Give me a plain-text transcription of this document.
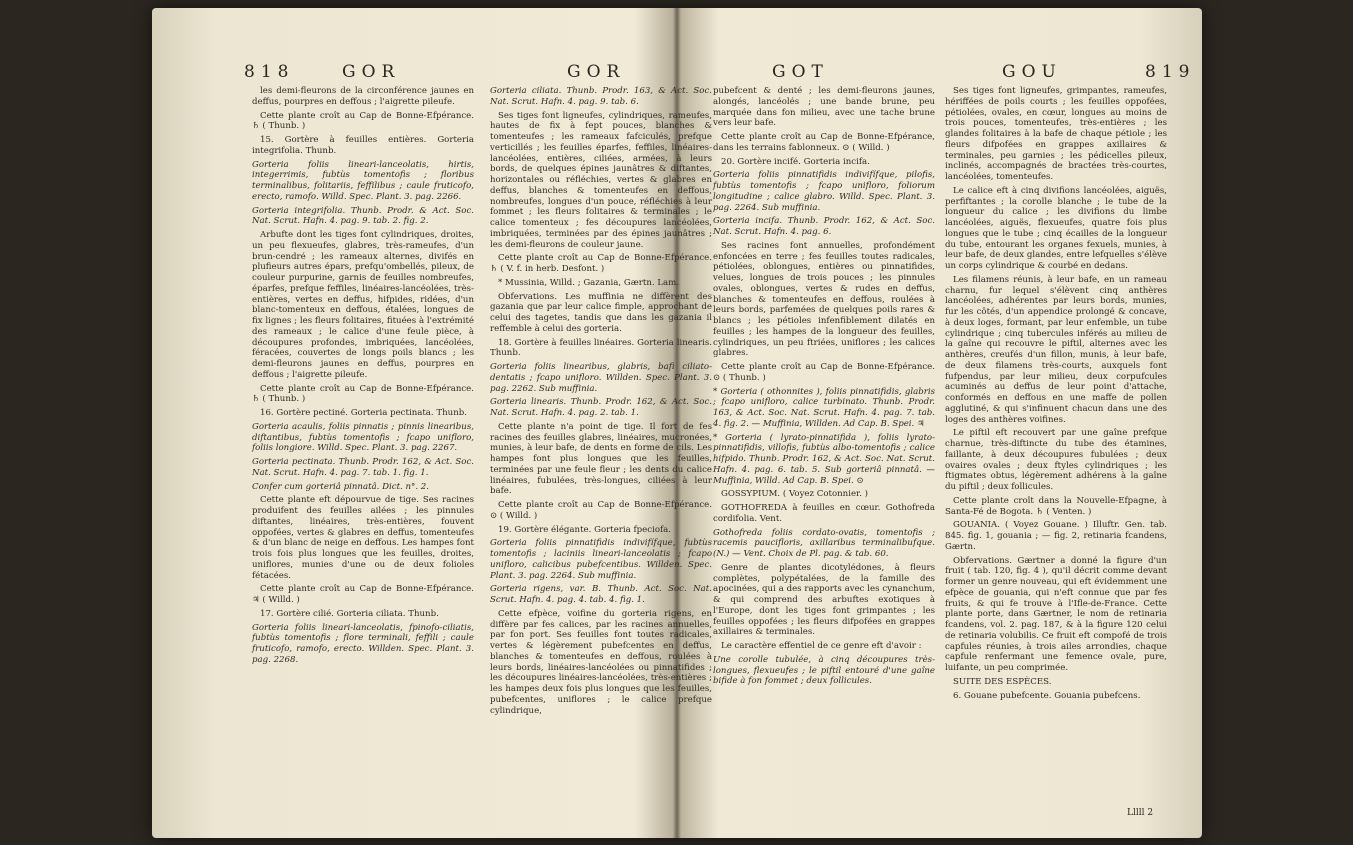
818	GOR	GOR

les demi-fleurons de la circonférence jaunes en deffus, pourpres en deffous ; l'aigrette pileufe.

Cette plante croît au Cap de Bonne-Efpérance. ♄ ( Thunb. )

15. Gortère à feuilles entières. Gorteria integrifolia. Thunb.

Gorteria foliis lineari-lanceolatis, hirtis, integerrimis, fubtùs tomentofis ; floribus terminalibus, folitariis, feffilibus ; caule fruticofo, erecto, ramofo. Willd. Spec. Plant. 3. pag. 2266.

Gorteria integrifolia. Thunb. Prodr. & Act. Soc. Nat. Scrut. Hafn. 4. pag. 9. tab. 2. fig. 2.

Arbufte dont les tiges font cylindriques, droites, un peu flexueufes, glabres, très-rameufes, d'un brun-cendré ; les rameaux alternes, divifés en plufieurs autres épars, prefqu'ombellés, pileux, de couleur purpurine, garnis de feuilles nombreufes, éparfes, prefque feffiles, linéaires-lancéolées, très-entières, vertes en deffus, hifpides, ridées, d'un blanc-tomenteux en deffous, étalées, longues de fix lignes ; les fleurs folitaires, fituées à l'extrémité des rameaux ; le calice d'une feule pièce, à découpures profondes, imbriquées, lancéolées, féracées, couvertes de longs poils blancs ; les demi-fleurons jaunes en deffus, pourpres en deffous ; l'aigrette pileufe.

Cette plante croît au Cap de Bonne-Efpérance. ♄ ( Thunb. )

16. Gortère pectiné. Gorteria pectinata. Thunb.

Gorteria acaulis, foliis pinnatis ; pinnis linearibus, diftantibus, fubtùs tomentofis ; fcapo unifloro, foliis longiore. Willd. Spec. Plant. 3. pag. 2267.

Gorteria pectinata. Thunb. Prodr. 162, & Act. Soc. Nat. Scrut. Hafn. 4. pag. 7. tab. 1. fig. 1.

Confer cum gorteriâ pinnatâ. Dict. n°. 2.

Cette plante eft dépourvue de tige. Ses racines produifent des feuilles ailées ; les pinnules diftantes, linéaires, très-entières, fouvent oppofées, vertes & glabres en deffus, tomenteufes & d'un blanc de neige en deffous. Les hampes font trois fois plus longues que les feuilles, droites, uniflores, munies d'une ou de deux folioles fétacées.

Cette plante croît au Cap de Bonne-Efpérance. ♃ ( Willd. )

17. Gortère cilié. Gorteria ciliata. Thunb.

Gorteria foliis lineari-lanceolatis, fpinofo-ciliatis, fubtùs tomentofis ; flore terminali, feffili ; caule fruticofo, ramofo, erecto. Willden. Spec. Plant. 3. pag. 2268.

Gorteria ciliata. Thunb. Prodr. 163, & Act. Soc. Nat. Scrut. Hafn. 4. pag. 9. tab. 6.

Ses tiges font ligneufes, cylindriques, rameufes, hautes de fix à fept pouces, blanches & tomenteufes ; les rameaux fafciculés, prefque verticillés ; les feuilles éparfes, feffiles, linéaires-lancéolées, entières, ciliées, armées, à leurs bords, de quelques épines jaunâtres & diftantes, horizontales ou réfléchies, vertes & glabres en deffus, blanches & tomenteufes en deffous, nombreufes, longues d'un pouce, réfléchies à leur fommet ; les fleurs folitaires & terminales ; le calice tomenteux ; fes découpures lancéolées, imbriquées, terminées par des épines jaunâtres ; les demi-fleurons de couleur jaune.

Cette plante croît au Cap de Bonne-Efpérance. ♄ ( V. f. in herb. Desfont. )

* Mussinia, Willd. ; Gazania, Gærtn. Lam.

Obfervations. Les muffinia ne diffèrent des gazania que par leur calice fimple, approchant de celui des tagetes, tandis que dans les gazania il reffemble à celui des gorteria.

18. Gortère à feuilles linéaires. Gorteria linearis. Thunb.

Gorteria foliis linearibus, glabris, bafi ciliato-dentatis ; fcapo unifloro. Willden. Spec. Plant. 3. pag. 2262. Sub muffinia.

Gorteria linearis. Thunb. Prodr. 162, & Act. Soc. Nat. Scrut. Hafn. 4. pag. 2. tab. 1.

Cette plante n'a point de tige. Il fort de fes racines des feuilles glabres, linéaires, mucronées, munies, à leur bafe, de dents en forme de cils. Les hampes font plus longues que les feuilles, terminées par une feule fleur ; les dents du calice linéaires, fubulées, très-longues, ciliées à leur bafe.

Cette plante croît au Cap de Bonne-Efpérance. ⊙ ( Willd. )

19. Gortère élégante. Gorteria fpeciofa.

Gorteria foliis pinnatifidis indivifífque, fubtùs tomentofis ; laciniis lineari-lanceolatis ; fcapo unifloro, calicibus pubefcentibus. Willden. Spec. Plant. 3. pag. 2264. Sub muffinia.

Gorteria rigens, var. B. Thunb. Act. Soc. Nat. Scrut. Hafn. 4. pag. 4. tab. 4. fig. 1.

Cette efpèce, voifine du gorteria rigens, en diffère par fes calices, par les racines annuelles, par fon port. Ses feuilles font toutes radicales, vertes & légèrement pubefcentes en deffus, blanches & tomenteufes en deffous, roulées à leurs bords, linéaires-lancéolées ou pinnatifides ; les découpures linéaires-lancéolées, très-entières ; les hampes deux fois plus longues que les feuilles, pubefcentes, uniflores ; le calice prefque cylindrique,

GOT	GOU	819

pubefcent & denté ; les demi-fleurons jaunes, alongés, lancéolés ; une bande brune, peu marquée dans fon milieu, avec une tache brune vers leur bafe.

Cette plante croît au Cap de Bonne-Efpérance, dans les terrains fablonneux. ⊙ ( Willd. )

20. Gortère incifé. Gorteria incifa.

Gorteria foliis pinnatifidis indivifífque, pilofis, fubtùs tomentofis ; fcapo unifloro, foliorum longitudine ; calice glabro. Willd. Spec. Plant. 3. pag. 2264. Sub muffinia.

Gorteria incifa. Thunb. Prodr. 162, & Act. Soc. Nat. Scrut. Hafn. 4. pag. 6.

Ses racines font annuelles, profondément enfoncées en terre ; fes feuilles toutes radicales, pétiolées, oblongues, entières ou pinnatifides, velues, longues de trois pouces ; les pinnules ovales, oblongues, vertes & rudes en deffus, blanches & tomenteufes en deffous, roulées à leurs bords, parfemées de quelques poils rares & blancs ; les pétioles infenfiblement dilatés en feuilles ; les hampes de la longueur des feuilles, cylindriques, un peu ftriées, uniflores ; les calices glabres.

Cette plante croît au Cap de Bonne-Efpérance. ⊙ ( Thunb. )

* Gorteria ( othonnites ), foliis pinnatifidis, glabris ; fcapo unifloro, calice turbinato. Thunb. Prodr. 163, & Act. Soc. Nat. Scrut. Hafn. 4. pag. 7. tab. 4. fig. 2. — Muffinia, Willden. Ad Cap. B. Spei. ♃

* Gorteria ( lyrato-pinnatifida ), foliis lyrato-pinnatifidis, villofis, fubtùs albo-tomentofis ; calice hifpido. Thunb. Prodr. 162, & Act. Soc. Nat. Scrut. Hafn. 4. pag. 6. tab. 5. Sub gorteriâ pinnatâ. — Muffinia, Willd. Ad Cap. B. Spei. ⊙

GOSSYPIUM. ( Voyez Cotonnier. )

GOTHOFREDA à feuilles en cœur. Gothofreda cordifolia. Vent.

Gothofreda foliis cordato-ovatis, tomentofis ; racemis paucifloris, axillaribus terminalibufque. (N.) — Vent. Choix de Pl. pag. & tab. 60.

Genre de plantes dicotylédones, à fleurs complètes, polypétalées, de la famille des apocinées, qui a des rapports avec les cynanchum, & qui comprend des arbuftes exotiques à l'Europe, dont les tiges font grimpantes ; les feuilles oppofées ; les fleurs difpofées en grappes axillaires & terminales.

Le caractère effentiel de ce genre eft d'avoir :

Une corolle tubulée, à cinq découpures très-longues, flexueufes ; le piftil entouré d'une gaîne bifide à fon fommet ; deux follicules.

Ses tiges font ligneufes, grimpantes, rameufes, hériffées de poils courts ; les feuilles oppofées, pétiolées, ovales, en cœur, longues au moins de trois pouces, tomenteufes, très-entières ; les glandes folitaires à la bafe de chaque pétiole ; les fleurs difpofées en grappes axillaires & terminales, peu garnies ; les pédicelles pileux, inclinés, accompagnés de bractées très-courtes, lancéolées, tomenteufes.

Le calice eft à cinq divifions lancéolées, aiguës, perfiftantes ; la corolle blanche ; le tube de la longueur du calice ; les divifions du limbe lancéolées, aiguës, flexueufes, quatre fois plus longues que le tube ; cinq écailles de la longueur du tube, entourant les organes fexuels, munies, à leur bafe, de deux glandes, entre lefquelles s'élève un corps cylindrique & courbé en dedans.

Les filamens réunis, à leur bafe, en un rameau charnu, fur lequel s'élèvent cinq anthères lancéolées, adhérentes par leurs bords, munies, fur les côtés, d'un appendice prolongé & concave, à deux loges, formant, par leur enfemble, un tube cylindrique ; cinq tubercules inférés au milieu de la gaîne qui recouvre le piftil, alternes avec les anthères, creufés d'un fillon, munis, à leur bafe, de deux filamens très-courts, auxquels font fufpendus, par leur milieu, deux corpufcules acuminés au deffus de leur point d'attache, conformés en deffous en une maffe de pollen agglutiné, & qui s'infinuent chacun dans une des loges des anthères voifines.

Le piftil eft recouvert par une gaîne prefque charnue, très-diftincte du tube des étamines, faillante, à deux découpures fubulées ; deux ovaires ovales ; deux ftyles cylindriques ; les ftigmates obtus, légèrement adhérens à la gaîne du piftil ; deux follicules.

Cette plante croît dans la Nouvelle-Efpagne, à Santa-Fé de Bogota. ♄ ( Venten. )

GOUANIA. ( Voyez Gouane. ) Illuftr. Gen. tab. 845. fig. 1, gouania ; — fig. 2, retinaria fcandens, Gærtn.

Obfervations. Gærtner a donné la figure d'un fruit ( tab. 120, fig. 4 ), qu'il décrit comme devant former un genre nouveau, qui eft évidemment une efpèce de gouania, qui n'eft connue que par fes fruits, & qui fe trouve à l'Ifle-de-France. Cette plante porte, dans Gærtner, le nom de retinaria fcandens, vol. 2. pag. 187, & à la figure 120 celui de retinaria volubilis. Ce fruit eft compofé de trois capfules réunies, à trois ailes arrondies, chaque capfule renfermant une femence ovale, pure, luifante, un peu comprimée.

SUITE DES ESPÈCES.

6. Gouane pubefcente. Gouania pubefcens.

Lllll 2
